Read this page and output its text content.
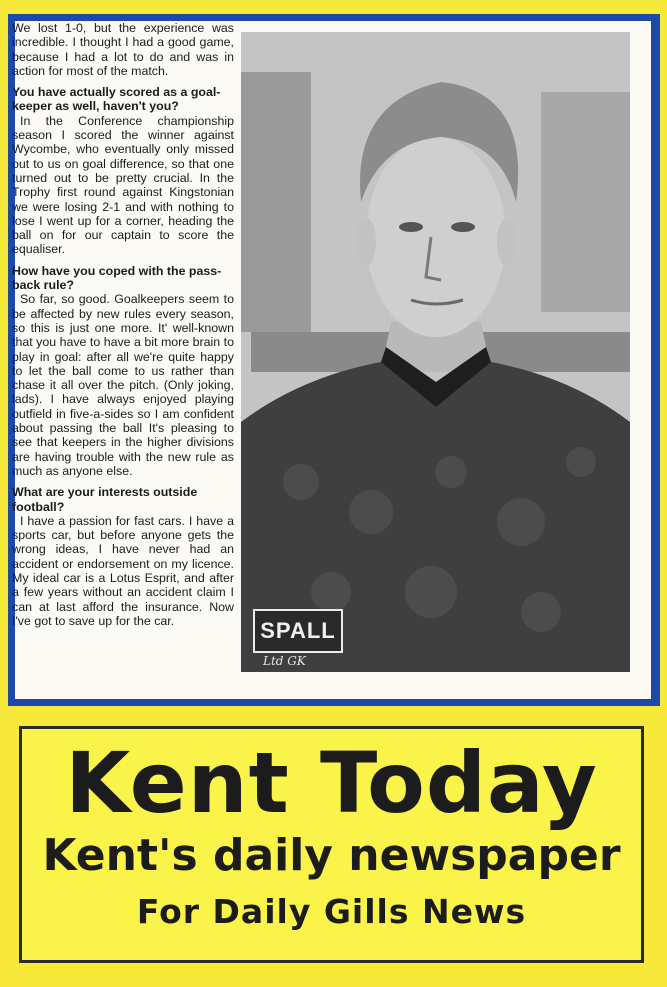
We lost 1-0, but the experience was incredible. I thought I had a good game, because I had a lot to do and was in action for most of the match.

You have actually scored as a goal-keeper as well, haven't you?

In the Conference championship season I scored the winner against Wycombe, who eventually only missed out to us on goal difference, so that one turned out to be pretty crucial. In the Trophy first round against Kingstonian we were losing 2-1 and with nothing to lose I went up for a corner, heading the ball on for our captain to score the equaliser.

How have you coped with the pass-back rule?

So far, so good. Goalkeepers seem to be affected by new rules every season, so this is just one more. It' well-known that you have to have a bit more brain to play in goal: after all we're quite happy to let the ball come to us rather than chase it all over the pitch. (Only joking, lads). I have always enjoyed playing outfield in five-a-sides so I am confident about passing the ball It's pleasing to see that keepers in the higher divisions are having trouble with the new rule as much as anyone else.

What are your interests outside football?

I have a passion for fast cars. I have a sports car, but before anyone gets the wrong ideas, I have never had an accident or endorsement on my licence. My ideal car is a Lotus Esprit, and after a few years without an accident claim I can at last afford the insurance. Now I've got to save up for the car.	SPALL
Ltd GK
Kent Today
Kent's daily newspaper
For Daily Gills News
